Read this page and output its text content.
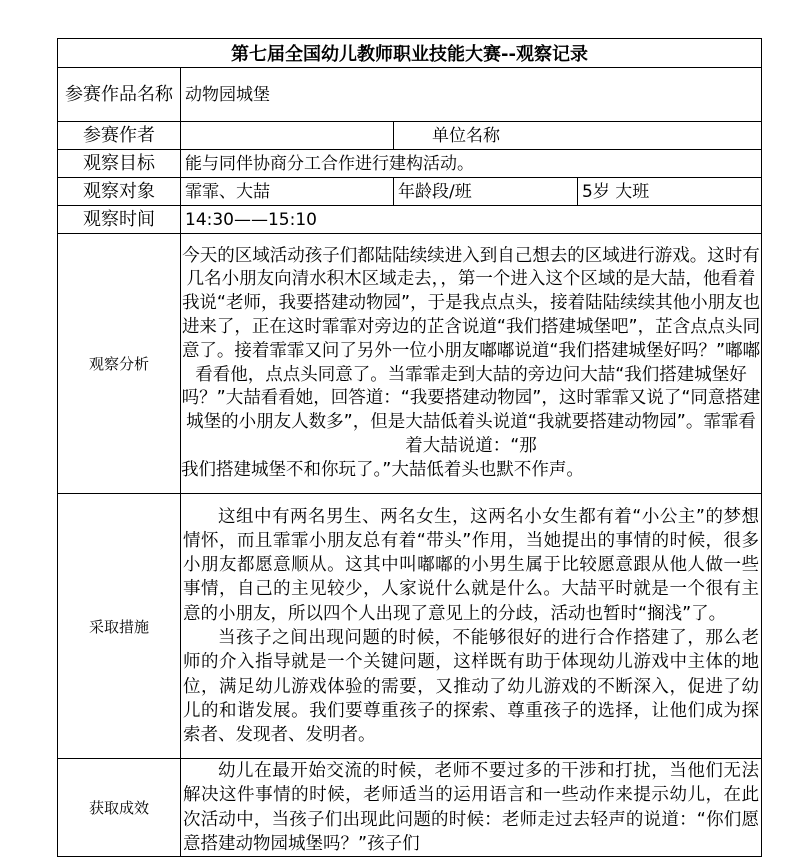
第七届全国幼儿教师职业技能大赛--观察记录			
参赛作品名称	动物园城堡		
参赛作者		单位名称	
观察目标	能与同伴协商分工合作进行建构活动。		
观察对象	霏霏、大喆	年龄段/班	5岁 大班
观察时间	14:30——15:10		
观察分析	今天的区域活动孩子们都陆陆续续进入到自己想去的区域进行游戏。这时有几名小朋友向清水积木区域走去，，第一个进入这个区域的是大喆，他看着我说“老师，我要搭建动物园”，于是我点点头，接着陆陆续续其他小朋友也进来了，正在这时霏霏对旁边的芷含说道“我们搭建城堡吧”，芷含点点头同意了。接着霏霏又问了另外一位小朋友嘟嘟说道“我们搭建城堡好吗？”嘟嘟看看他，点点头同意了。当霏霏走到大喆的旁边问大喆“我们搭建城堡好吗？”大喆看看她，回答道：“我要搭建动物园”，这时霏霏又说了“同意搭建城堡的小朋友人数多”，但是大喆低着头说道“我就要搭建动物园”。霏霏看着大喆说道：“那
我们搭建城堡不和你玩了。”大喆低着头也默不作声。		

采取措施	这组中有两名男生、两名女生，这两名小女生都有着“小公主”的梦想情怀，而且霏霏小朋友总有着“带头”作用，当她提出的事情的时候，很多小朋友都愿意顺从。这其中叫嘟嘟的小男生属于比较愿意跟从他人做一些事情，自己的主见较少，人家说什么就是什么。大喆平时就是一个很有主意的小朋友，所以四个人出现了意见上的分歧，活动也暂时“搁浅”了。

当孩子之间出现问题的时候，不能够很好的进行合作搭建了，那么老师的介入指导就是一个关键问题，这样既有助于体现幼儿游戏中主体的地位，满足幼儿游戏体验的需要，又推动了幼儿游戏的不断深入，促进了幼儿的和谐发展。我们要尊重孩子的探索、尊重孩子的选择，让他们成为探索者、发现者、发明者。		

获取成效	幼儿在最开始交流的时候，老师不要过多的干涉和打扰，当他们无法解决这件事情的时候，老师适当的运用语言和一些动作来提示幼儿，在此次活动中，当孩子们出现此问题的时候：老师走过去轻声的说道：“你们愿意搭建动物园城堡吗？”孩子们		
